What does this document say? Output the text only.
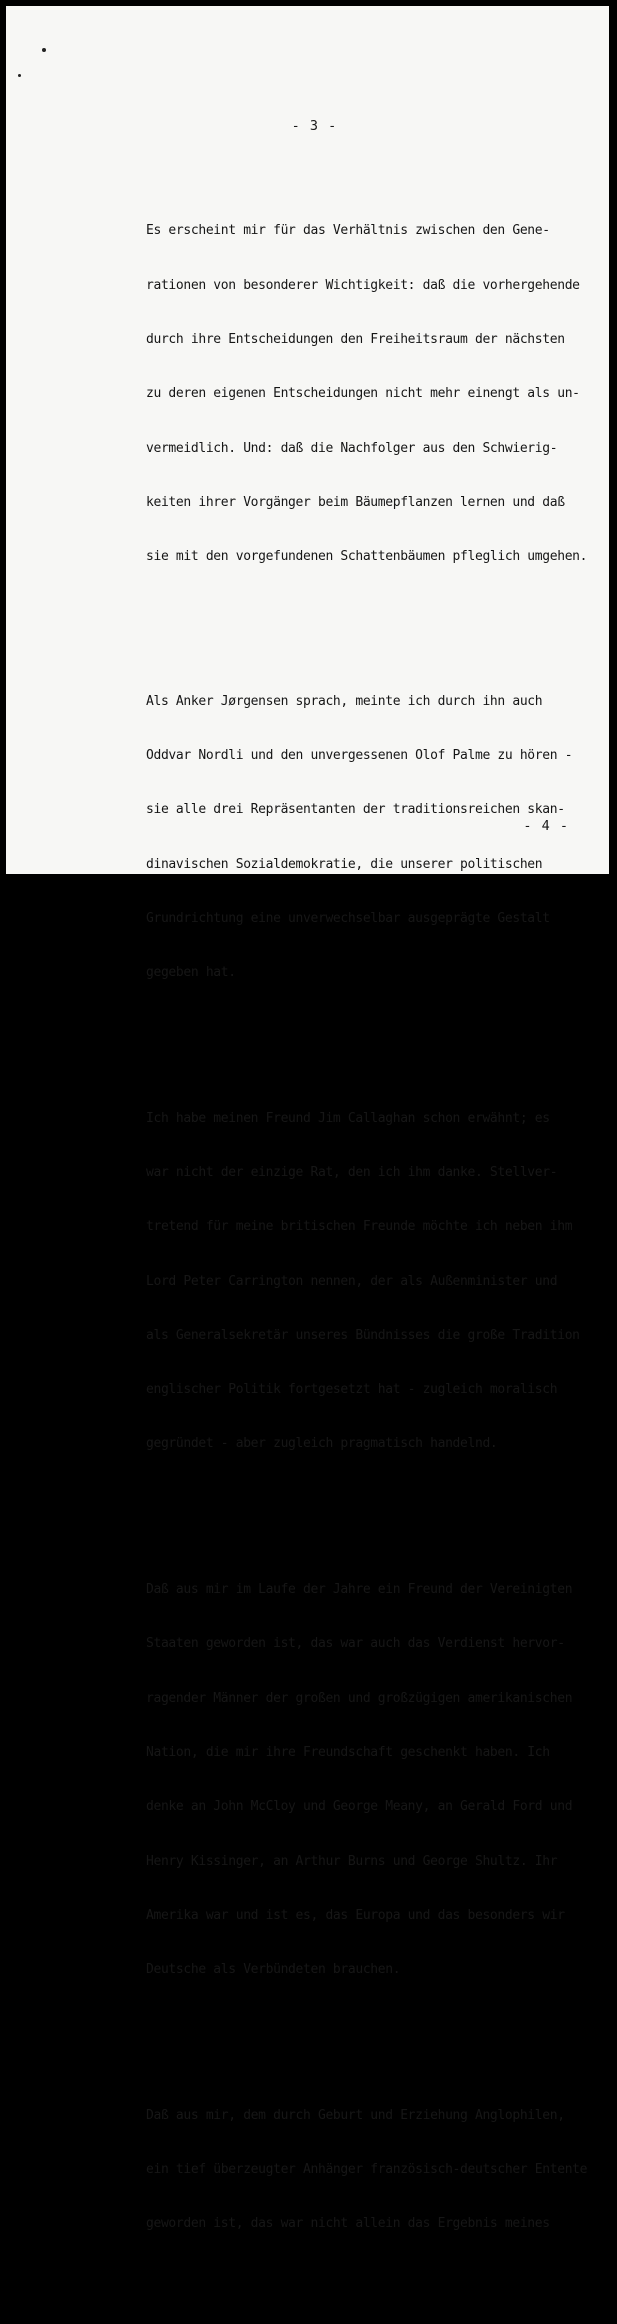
- 3 -

Es erscheint mir für das Verhältnis zwischen den Gene-

rationen von besonderer Wichtigkeit: daß die vorhergehende

durch ihre Entscheidungen den Freiheitsraum der nächsten

zu deren eigenen Entscheidungen nicht mehr einengt als un-

vermeidlich. Und: daß die Nachfolger aus den Schwierig-

keiten ihrer Vorgänger beim Bäumepflanzen lernen und daß

sie mit den vorgefundenen Schattenbäumen pfleglich umgehen.

Als Anker Jørgensen sprach, meinte ich durch ihn auch

Oddvar Nordli und den unvergessenen Olof Palme zu hören -

sie alle drei Repräsentanten der traditionsreichen skan-

dinavischen Sozialdemokratie, die unserer politischen

Grundrichtung eine unverwechselbar ausgeprägte Gestalt

gegeben hat.

Ich habe meinen Freund Jim Callaghan schon erwähnt; es

war nicht der einzige Rat, den ich ihm danke. Stellver-

tretend für meine britischen Freunde möchte ich neben ihm

Lord Peter Carrington nennen, der als Außenminister und

als Generalsekretär unseres Bündnisses die große Tradition

englischer Politik fortgesetzt hat - zugleich moralisch

gegründet - aber zugleich pragmatisch handelnd.

Daß aus mir im Laufe der Jahre ein Freund der Vereinigten

Staaten geworden ist, das war auch das Verdienst hervor-

ragender Männer der großen und großzügigen amerikanischen

Nation, die mir ihre Freundschaft geschenkt haben. Ich

denke an John McCloy und George Meany, an Gerald Ford und

Henry Kissinger, an Arthur Burns und George Shultz. Ihr

Amerika war und ist es, das Europa und das besonders wir

Deutsche als Verbündeten brauchen.

Daß aus mir, dem durch Geburt und Erziehung Anglophilen,

ein tief überzeugter Anhänger französisch-deutscher Entente

geworden ist, das war nicht allein das Ergebnis meines

- 4 -
